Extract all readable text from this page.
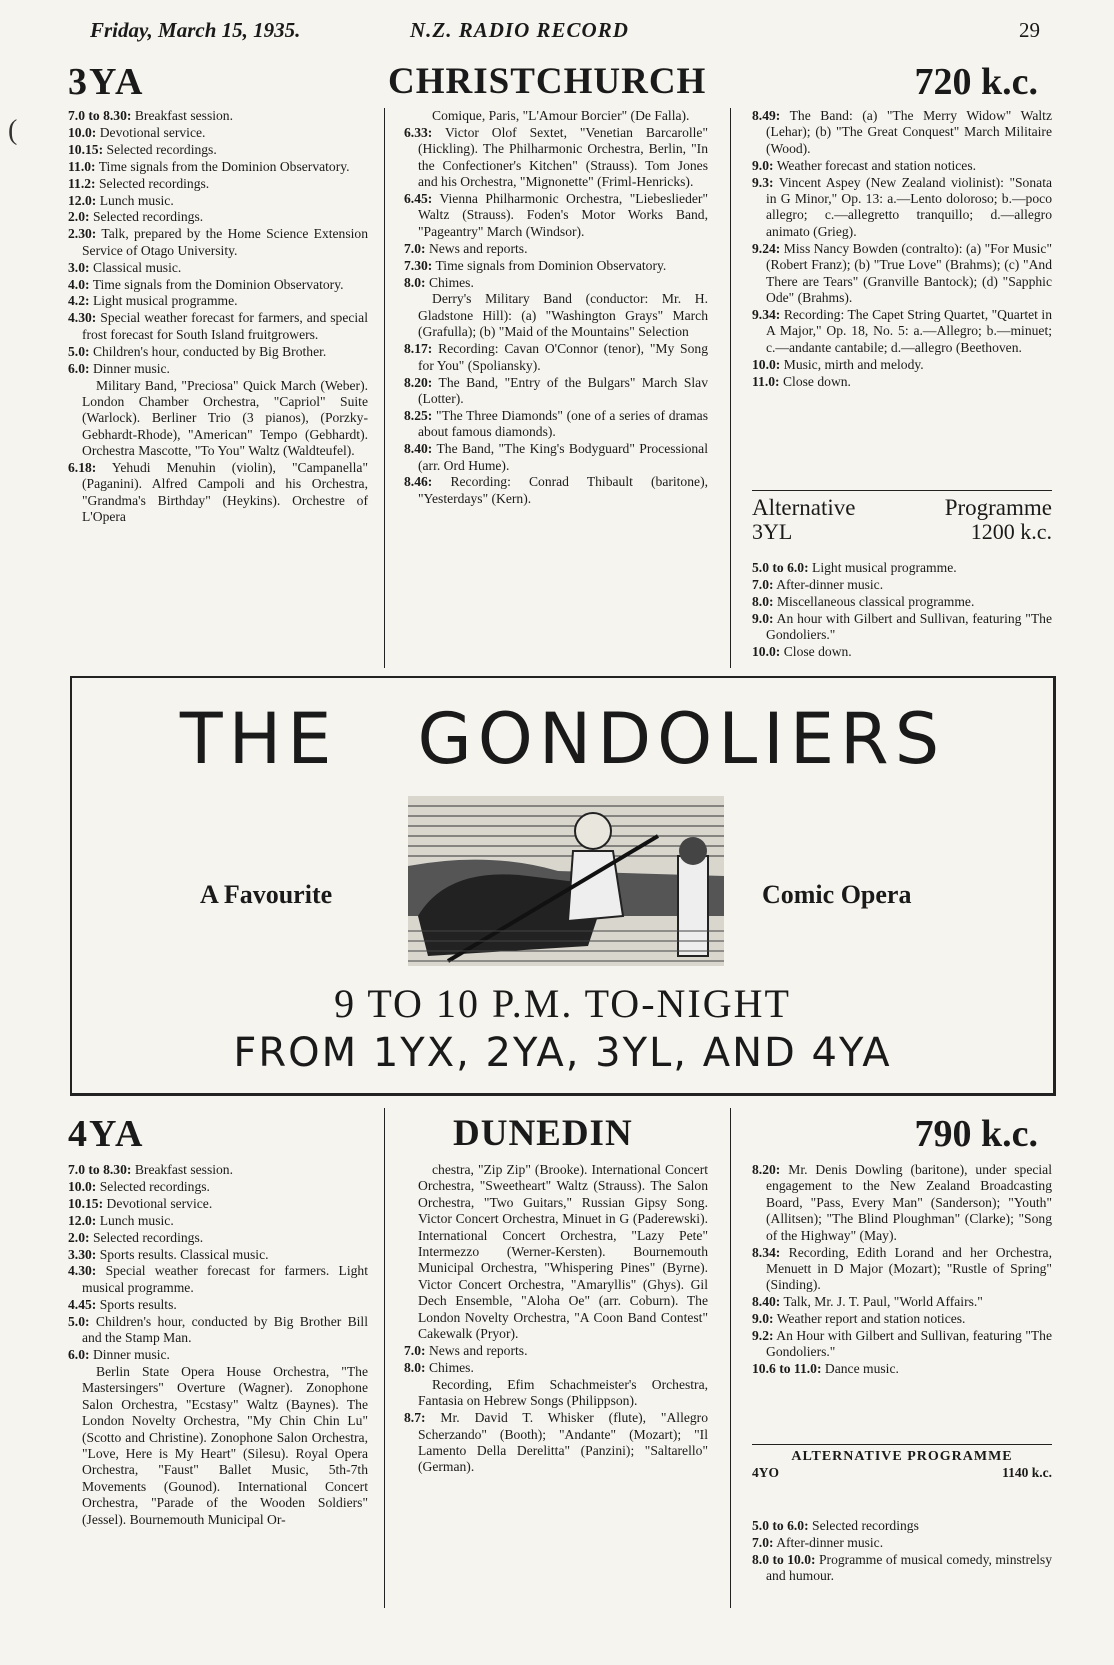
Friday, March 15, 1935.	N.Z. RADIO RECORD	29
3YA	CHRISTCHURCH	720 k.c.

7.0 to 8.30: Breakfast session.

10.0: Devotional service.

10.15: Selected recordings.

11.0: Time signals from the Dominion Observatory.

11.2: Selected recordings.

12.0: Lunch music.

2.0: Selected recordings.

2.30: Talk, prepared by the Home Science Extension Service of Otago University.

3.0: Classical music.

4.0: Time signals from the Dominion Observatory.

4.2: Light musical programme.

4.30: Special weather forecast for farmers, and special frost forecast for South Island fruitgrowers.

5.0: Children's hour, conducted by Big Brother.

6.0: Dinner music.

Military Band, "Preciosa" Quick March (Weber). London Chamber Orchestra, "Capriol" Suite (Warlock). Berliner Trio (3 pianos), (Porzky-Gebhardt-Rhode), "American" Tempo (Gebhardt). Orchestra Mascotte, "To You" Waltz (Waldteufel).

6.18: Yehudi Menuhin (violin), "Campanella" (Paganini). Alfred Campoli and his Orchestra, "Grandma's Birthday" (Heykins). Orchestre of L'Opera

Comique, Paris, "L'Amour Borcier" (De Falla).

6.33: Victor Olof Sextet, "Venetian Barcarolle" (Hickling). The Philharmonic Orchestra, Berlin, "In the Confectioner's Kitchen" (Strauss). Tom Jones and his Orchestra, "Mignonette" (Friml-Henricks).

6.45: Vienna Philharmonic Orchestra, "Liebeslieder" Waltz (Strauss). Foden's Motor Works Band, "Pageantry" March (Windsor).

7.0: News and reports.

7.30: Time signals from Dominion Observatory.

8.0: Chimes.

Derry's Military Band (conductor: Mr. H. Gladstone Hill): (a) "Washington Grays" March (Grafulla); (b) "Maid of the Mountains" Selection

8.17: Recording: Cavan O'Connor (tenor), "My Song for You" (Spoliansky).

8.20: The Band, "Entry of the Bulgars" March Slav (Lotter).

8.25: "The Three Diamonds" (one of a series of dramas about famous diamonds).

8.40: The Band, "The King's Bodyguard" Processional (arr. Ord Hume).

8.46: Recording: Conrad Thibault (baritone), "Yesterdays" (Kern).

8.49: The Band: (a) "The Merry Widow" Waltz (Lehar); (b) "The Great Conquest" March Militaire (Wood).

9.0: Weather forecast and station notices.

9.3: Vincent Aspey (New Zealand violinist): "Sonata in G Minor," Op. 13: a.—Lento doloroso; b.—poco allegro; c.—allegretto tranquillo; d.—allegro animato (Grieg).

9.24: Miss Nancy Bowden (contralto): (a) "For Music" (Robert Franz); (b) "True Love" (Brahms); (c) "And There are Tears" (Granville Bantock); (d) "Sapphic Ode" (Brahms).

9.34: Recording: The Capet String Quartet, "Quartet in A Major," Op. 18, No. 5: a.—Allegro; b.—minuet; c.—andante cantabile; d.—allegro (Beethoven.

10.0: Music, mirth and melody.

11.0: Close down.

Alternative	Programme
3YL	1200 k.c.

5.0 to 6.0: Light musical programme.

7.0: After-dinner music.

8.0: Miscellaneous classical programme.

9.0: An hour with Gilbert and Sullivan, featuring "The Gondoliers."

10.0: Close down.

THE GONDOLIERS
A Favourite	Comic Opera
9 TO 10 P.M. TO-NIGHT
FROM 1YX, 2YA, 3YL, AND 4YA
4YA	DUNEDIN	790 k.c.

7.0 to 8.30: Breakfast session.

10.0: Selected recordings.

10.15: Devotional service.

12.0: Lunch music.

2.0: Selected recordings.

3.30: Sports results. Classical music.

4.30: Special weather forecast for farmers. Light musical programme.

4.45: Sports results.

5.0: Children's hour, conducted by Big Brother Bill and the Stamp Man.

6.0: Dinner music.

Berlin State Opera House Orchestra, "The Mastersingers" Overture (Wagner). Zonophone Salon Orchestra, "Ecstasy" Waltz (Baynes). The London Novelty Orchestra, "My Chin Chin Lu" (Scotto and Christine). Zonophone Salon Orchestra, "Love, Here is My Heart" (Silesu). Royal Opera Orchestra, "Faust" Ballet Music, 5th-7th Movements (Gounod). International Concert Orchestra, "Parade of the Wooden Soldiers" (Jessel). Bournemouth Municipal Or-

chestra, "Zip Zip" (Brooke). International Concert Orchestra, "Sweetheart" Waltz (Strauss). The Salon Orchestra, "Two Guitars," Russian Gipsy Song. Victor Concert Orchestra, Minuet in G (Paderewski). International Concert Orchestra, "Lazy Pete" Intermezzo (Werner-Kersten). Bournemouth Municipal Orchestra, "Whispering Pines" (Byrne). Victor Concert Orchestra, "Amaryllis" (Ghys). Gil Dech Ensemble, "Aloha Oe" (arr. Coburn). The London Novelty Orchestra, "A Coon Band Contest" Cakewalk (Pryor).

7.0: News and reports.

8.0: Chimes.

Recording, Efim Schachmeister's Orchestra, Fantasia on Hebrew Songs (Philippson).

8.7: Mr. David T. Whisker (flute), "Allegro Scherzando" (Booth); "Andante" (Mozart); "Il Lamento Della Derelitta" (Panzini); "Saltarello" (German).

8.20: Mr. Denis Dowling (baritone), under special engagement to the New Zealand Broadcasting Board, "Pass, Every Man" (Sanderson); "Youth" (Allitsen); "The Blind Ploughman" (Clarke); "Song of the Highway" (May).

8.34: Recording, Edith Lorand and her Orchestra, Menuett in D Major (Mozart); "Rustle of Spring" (Sinding).

8.40: Talk, Mr. J. T. Paul, "World Affairs."

9.0: Weather report and station notices.

9.2: An Hour with Gilbert and Sullivan, featuring "The Gondoliers."

10.6 to 11.0: Dance music.

ALTERNATIVE PROGRAMME
4YO	1140 k.c.

5.0 to 6.0: Selected recordings

7.0: After-dinner music.

8.0 to 10.0: Programme of musical comedy, minstrelsy and humour.

(
